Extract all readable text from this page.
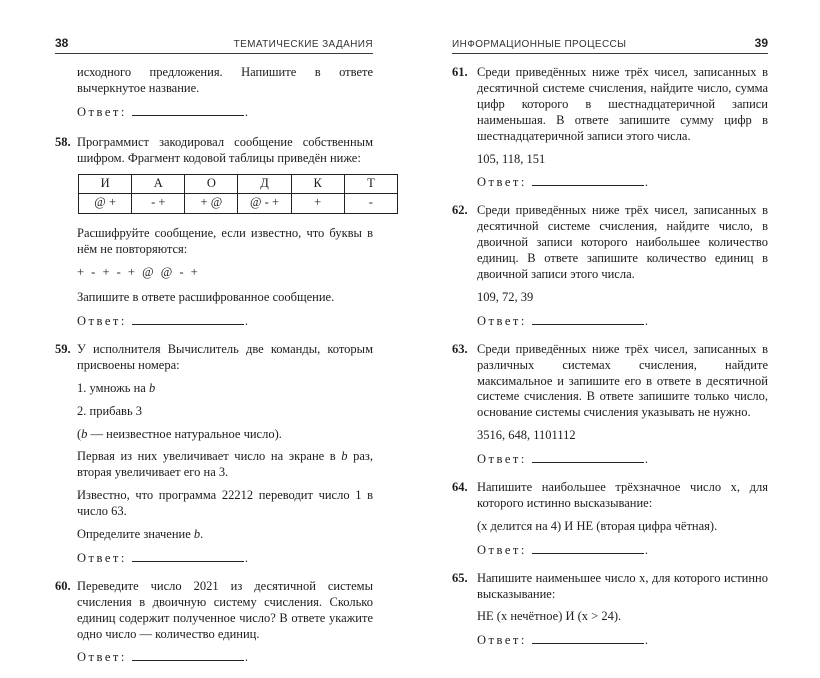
38	ТЕМАТИЧЕСКИЕ ЗАДАНИЯ

исходного предложения. Напишите в ответе вычеркнутое название.

Ответ:	.

58. Программист закодировал сообщение собственным шифром. Фрагмент кодовой таблицы приведён ниже:

И	А	О	Д	К	Т
@ +	- +	+ @	@ - +	+	-

Расшифруйте сообщение, если известно, что буквы в нём не повторяются:

+ - + - + @ @ - +

Запишите в ответе расшифрованное сообщение.

Ответ:	.

59. У исполнителя Вычислитель две команды, которым присвоены номера:

1. умножь на b

2. прибавь 3

(b — неизвестное натуральное число).

Первая из них увеличивает число на экране в b раз, вторая увеличивает его на 3.

Известно, что программа 22212 переводит число 1 в число 63.

Определите значение b.

Ответ:	.

60. Переведите число 2021 из десятичной системы счисления в двоичную систему счисления. Сколько единиц содержит полученное число? В ответе укажите одно число — количество единиц.

Ответ:	.

ИНФОРМАЦИОННЫЕ ПРОЦЕССЫ	39
61. Среди приведённых ниже трёх чисел, записанных в десятичной системе счисления, найдите число, сумма цифр которого в шестнадцатеричной записи наименьшая. В ответе запишите сумму цифр в шестнадцатеричной записи этого числа.

105, 118, 151

Ответ:	.

62. Среди приведённых ниже трёх чисел, записанных в десятичной системе счисления, найдите число, в двоичной записи которого наибольшее количество единиц. В ответе запишите количество единиц в двоичной записи этого числа.

109, 72, 39

Ответ:	.

63. Среди приведённых ниже трёх чисел, записанных в различных системах счисления, найдите максимальное и запишите его в ответе в десятичной системе счисления. В ответе запишите только число, основание системы счисления указывать не нужно.

3516, 648, 1101112

Ответ:	.

64. Напишите наибольшее трёхзначное число х, для которого истинно высказывание:

(х делится на 4) И НЕ (вторая цифра чётная).

Ответ:	.

65. Напишите наименьшее число х, для которого истинно высказывание:

НЕ (х нечётное) И (х > 24).

Ответ:	.
